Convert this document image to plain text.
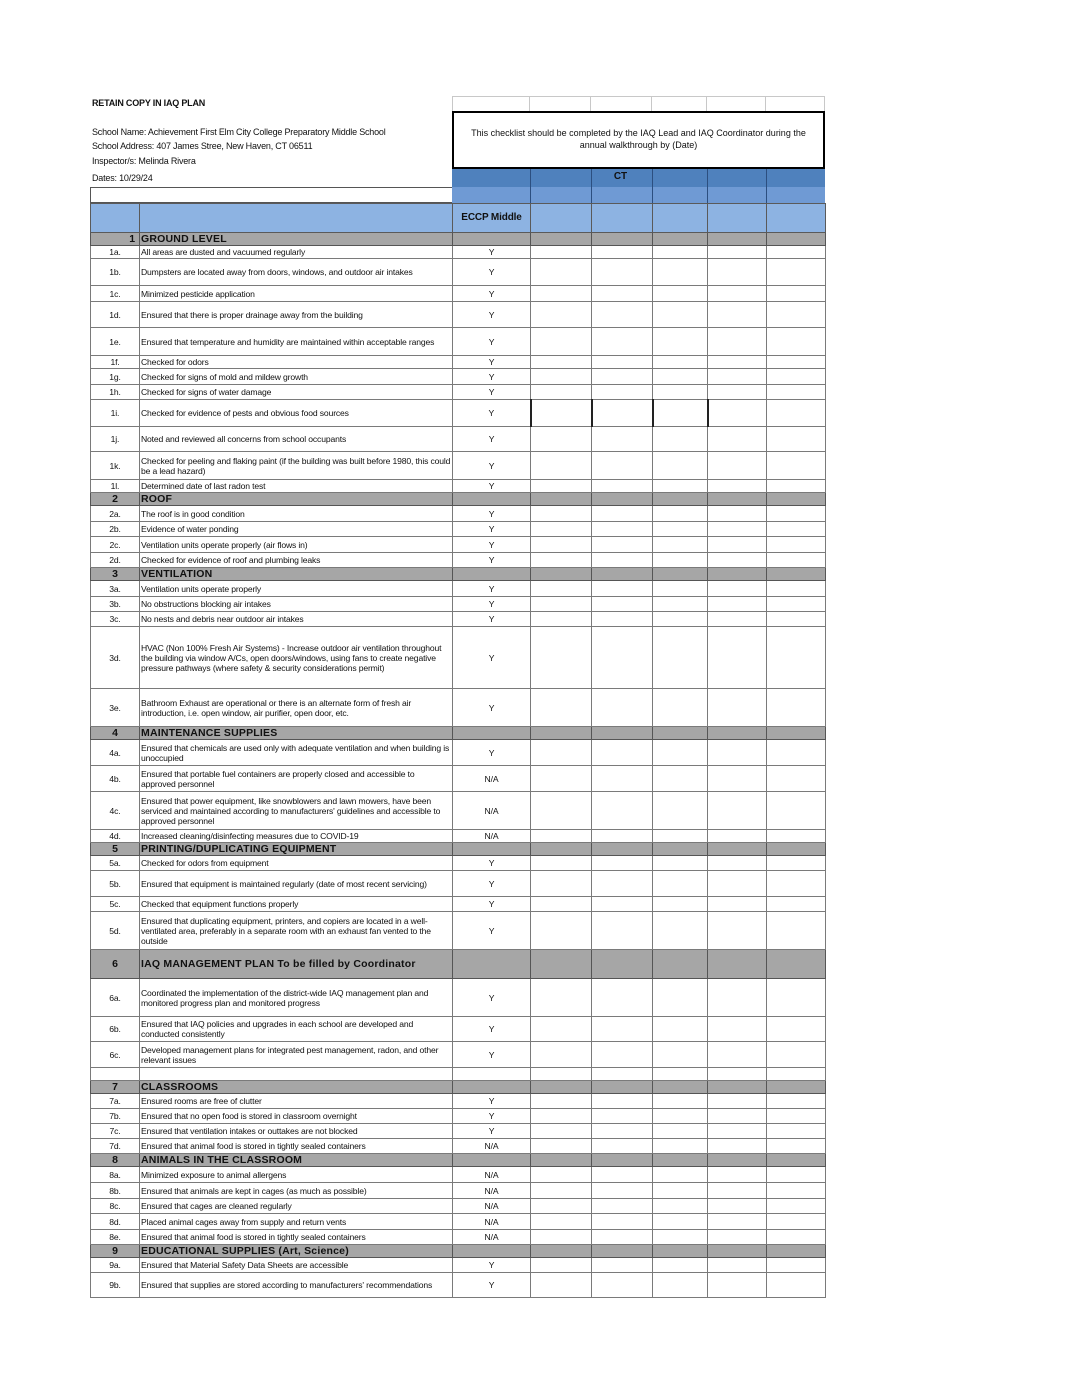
RETAIN COPY IN IAQ PLAN
School Name: Achievement First Elm City College Preparatory Middle School
School Address: 407 James Stree, New Haven, CT 06511
Inspector/s: Melinda Rivera
Dates: 10/29/24
This checklist should be completed by the IAQ Lead and IAQ Coordinator during the annual walkthrough by (Date)
CT
		ECCP Middle					
1	GROUND LEVEL						
1a.	All areas are dusted and vacuumed regularly	Y					
1b.	Dumpsters are located away from doors, windows, and outdoor air intakes	Y					
1c.	Minimized pesticide application	Y					
1d.	Ensured that there is proper drainage away from the building	Y					
1e.	Ensured that temperature and humidity are maintained within acceptable ranges	Y					
1f.	Checked for odors	Y					
1g.	Checked for signs of mold and mildew growth	Y					
1h.	Checked for signs of water damage	Y					
1i.	Checked for evidence of pests and obvious food sources	Y					
1j.	Noted and reviewed all concerns from school occupants	Y					
1k.	Checked for peeling and flaking paint (if the building was built before 1980, this could be a lead hazard)	Y					
1l.	Determined date of last radon test	Y					
2	ROOF						
2a.	The roof is in good condition	Y					
2b.	Evidence of water ponding	Y					
2c.	Ventilation units operate properly (air flows in)	Y					
2d.	Checked for evidence of roof and plumbing leaks	Y					
3	VENTILATION						
3a.	Ventilation units operate properly	Y					
3b.	No obstructions blocking air intakes	Y					
3c.	No nests and debris near outdoor air intakes	Y					
3d.	HVAC (Non 100% Fresh Air Systems) - Increase outdoor air ventilation throughout the building via window A/Cs, open doors/windows, using fans to create negative pressure pathways (where safety & security considerations permit)	Y					
3e.	Bathroom Exhaust are operational or there is an alternate form of fresh air introduction, i.e. open window, air purifier, open door, etc.	Y					
4	MAINTENANCE SUPPLIES						
4a.	Ensured that chemicals are used only with adequate ventilation and when building is unoccupied	Y					
4b.	Ensured that portable fuel containers are properly closed and accessible to approved personnel	N/A					
4c.	Ensured that power equipment, like snowblowers and lawn mowers, have been serviced and maintained according to manufacturers' guidelines and accessible to approved personnel	N/A					
4d.	Increased cleaning/disinfecting measures due to COVID-19	N/A					
5	PRINTING/DUPLICATING EQUIPMENT						
5a.	Checked for odors from equipment	Y					
5b.	Ensured that equipment is maintained regularly (date of most recent servicing)	Y					
5c.	Checked that equipment functions properly	Y					
5d.	Ensured that duplicating equipment, printers, and copiers are located in a well-ventilated area, preferably in a separate room with an exhaust fan vented to the outside	Y					
6	IAQ MANAGEMENT PLAN To be filled by Coordinator						
6a.	Coordinated the implementation of the district-wide IAQ management plan and monitored progress plan and monitored progress	Y					
6b.	Ensured that IAQ policies and upgrades in each school are developed and conducted consistently	Y					
6c.	Developed management plans for integrated pest management, radon, and other relevant issues	Y					

7	CLASSROOMS						
7a.	Ensured rooms are free of clutter	Y					
7b.	Ensured that no open food is stored in classroom overnight	Y					
7c.	Ensured that ventilation intakes or outtakes are not blocked	Y					
7d.	Ensured that animal food is stored in tightly sealed containers	N/A					
8	ANIMALS IN THE CLASSROOM						
8a.	Minimized exposure to animal allergens	N/A					
8b.	Ensured that animals are kept in cages (as much as possible)	N/A					
8c.	Ensured that cages are cleaned regularly	N/A					
8d.	Placed animal cages away from supply and return vents	N/A					
8e.	Ensured that animal food is stored in tightly sealed containers	N/A					
9	EDUCATIONAL SUPPLIES (Art, Science)						
9a.	Ensured that Material Safety Data Sheets are accessible	Y					
9b.	Ensured that supplies are stored according to manufacturers' recommendations	Y					
